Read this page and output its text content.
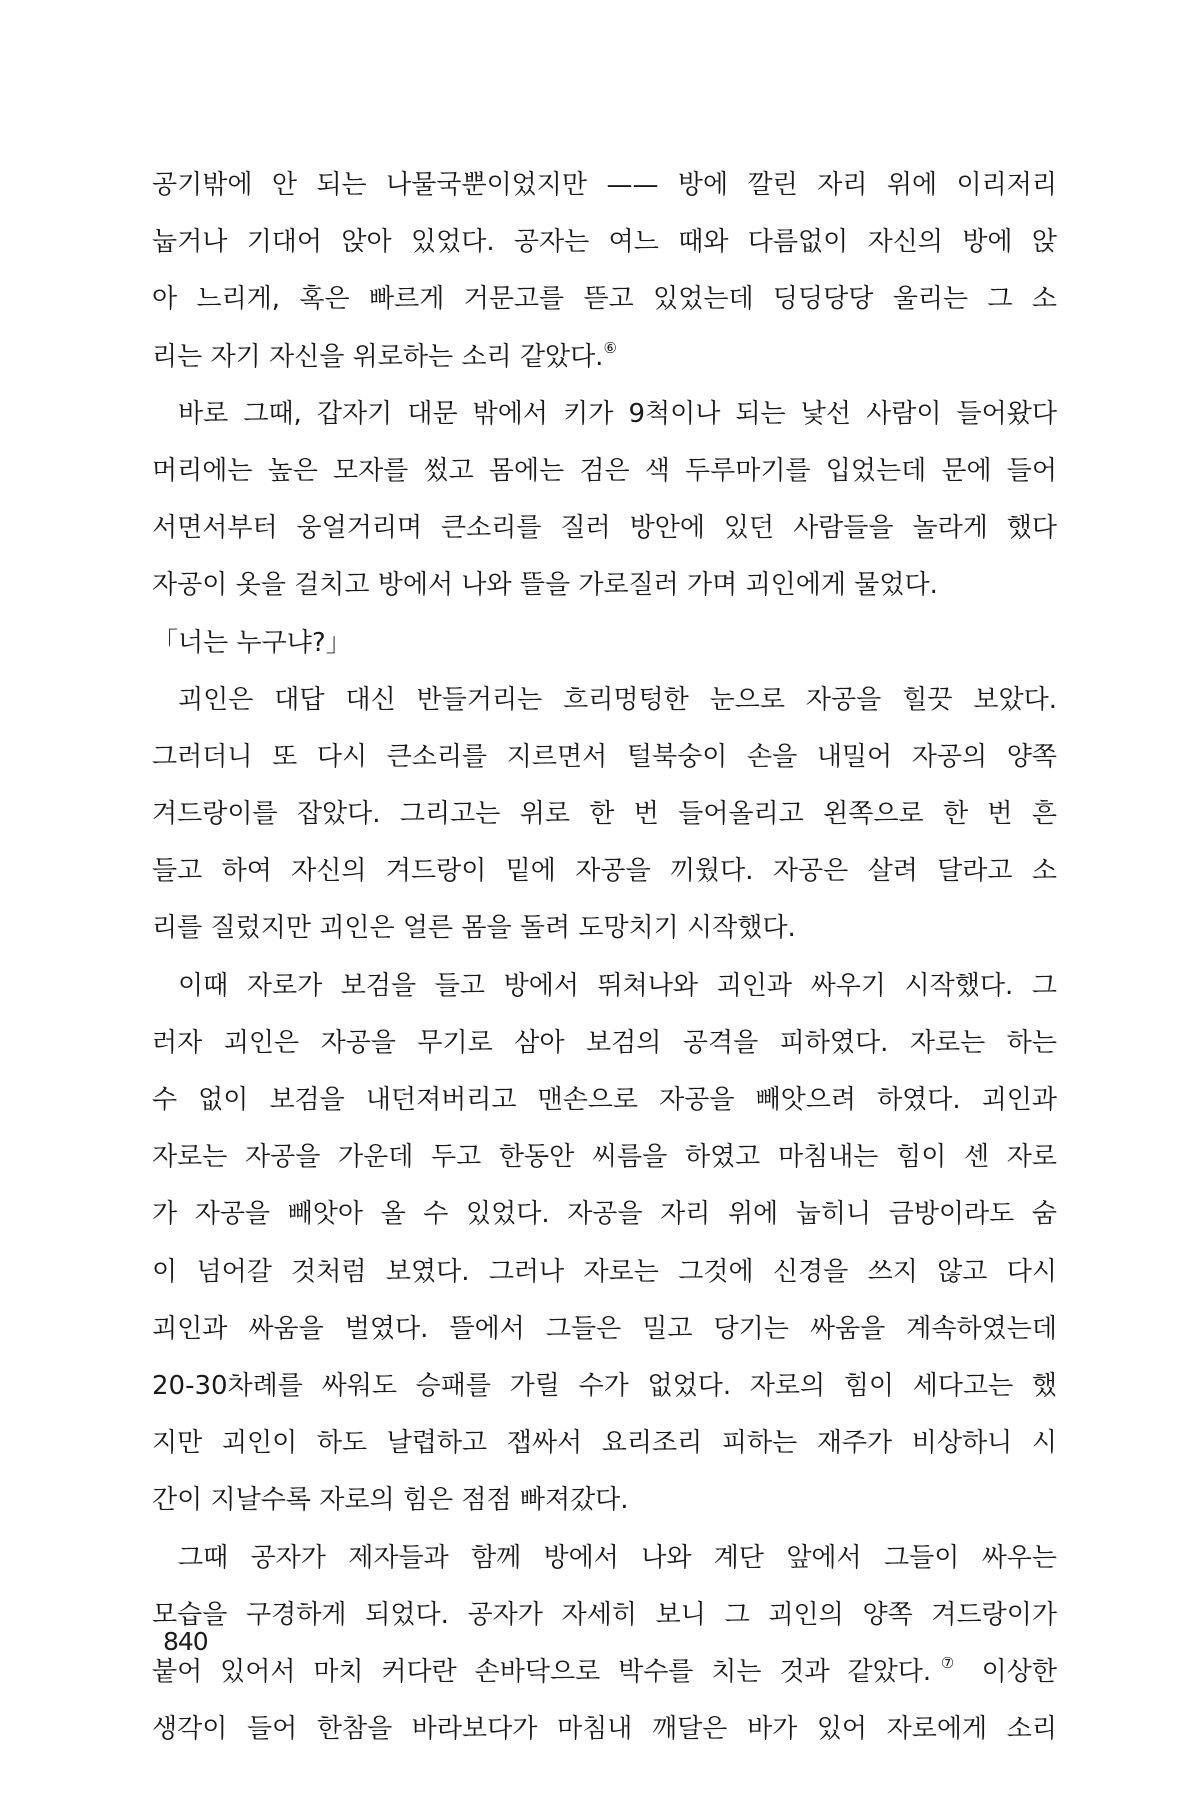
공기밖에 안 되는 나물국뿐이었지만 —— 방에 깔린 자리 위에 이리저리
눕거나 기대어 앉아 있었다. 공자는 여느 때와 다름없이 자신의 방에 앉
아 느리게, 혹은 빠르게 거문고를 뜯고 있었는데 딩딩당당 울리는 그 소
리는 자기 자신을 위로하는 소리 같았다.⑥
바로 그때, 갑자기 대문 밖에서 키가 9척이나 되는 낯선 사람이 들어왔다
머리에는 높은 모자를 썼고 몸에는 검은 색 두루마기를 입었는데 문에 들어
서면서부터 웅얼거리며 큰소리를 질러 방안에 있던 사람들을 놀라게 했다
자공이 옷을 걸치고 방에서 나와 뜰을 가로질러 가며 괴인에게 물었다.
「너는 누구냐?」
괴인은 대답 대신 반들거리는 흐리멍텅한 눈으로 자공을 힐끗 보았다.
그러더니 또 다시 큰소리를 지르면서 털북숭이 손을 내밀어 자공의 양쪽
겨드랑이를 잡았다. 그리고는 위로 한 번 들어올리고 왼쪽으로 한 번 흔
들고 하여 자신의 겨드랑이 밑에 자공을 끼웠다. 자공은 살려 달라고 소
리를 질렀지만 괴인은 얼른 몸을 돌려 도망치기 시작했다.
이때 자로가 보검을 들고 방에서 뛰쳐나와 괴인과 싸우기 시작했다. 그
러자 괴인은 자공을 무기로 삼아 보검의 공격을 피하였다. 자로는 하는
수 없이 보검을 내던져버리고 맨손으로 자공을 빼앗으려 하였다. 괴인과
자로는 자공을 가운데 두고 한동안 씨름을 하였고 마침내는 힘이 센 자로
가 자공을 빼앗아 올 수 있었다. 자공을 자리 위에 눕히니 금방이라도 숨
이 넘어갈 것처럼 보였다. 그러나 자로는 그것에 신경을 쓰지 않고 다시
괴인과 싸움을 벌였다. 뜰에서 그들은 밀고 당기는 싸움을 계속하였는데
20-30차례를 싸워도 승패를 가릴 수가 없었다. 자로의 힘이 세다고는 했
지만 괴인이 하도 날렵하고 잽싸서 요리조리 피하는 재주가 비상하니 시
간이 지날수록 자로의 힘은 점점 빠져갔다.
그때 공자가 제자들과 함께 방에서 나와 계단 앞에서 그들이 싸우는
모습을 구경하게 되었다. 공자가 자세히 보니 그 괴인의 양쪽 겨드랑이가
붙어 있어서 마치 커다란 손바닥으로 박수를 치는 것과 같았다.⑦ 이상한
생각이 들어 한참을 바라보다가 마침내 깨달은 바가 있어 자로에게 소리
840
